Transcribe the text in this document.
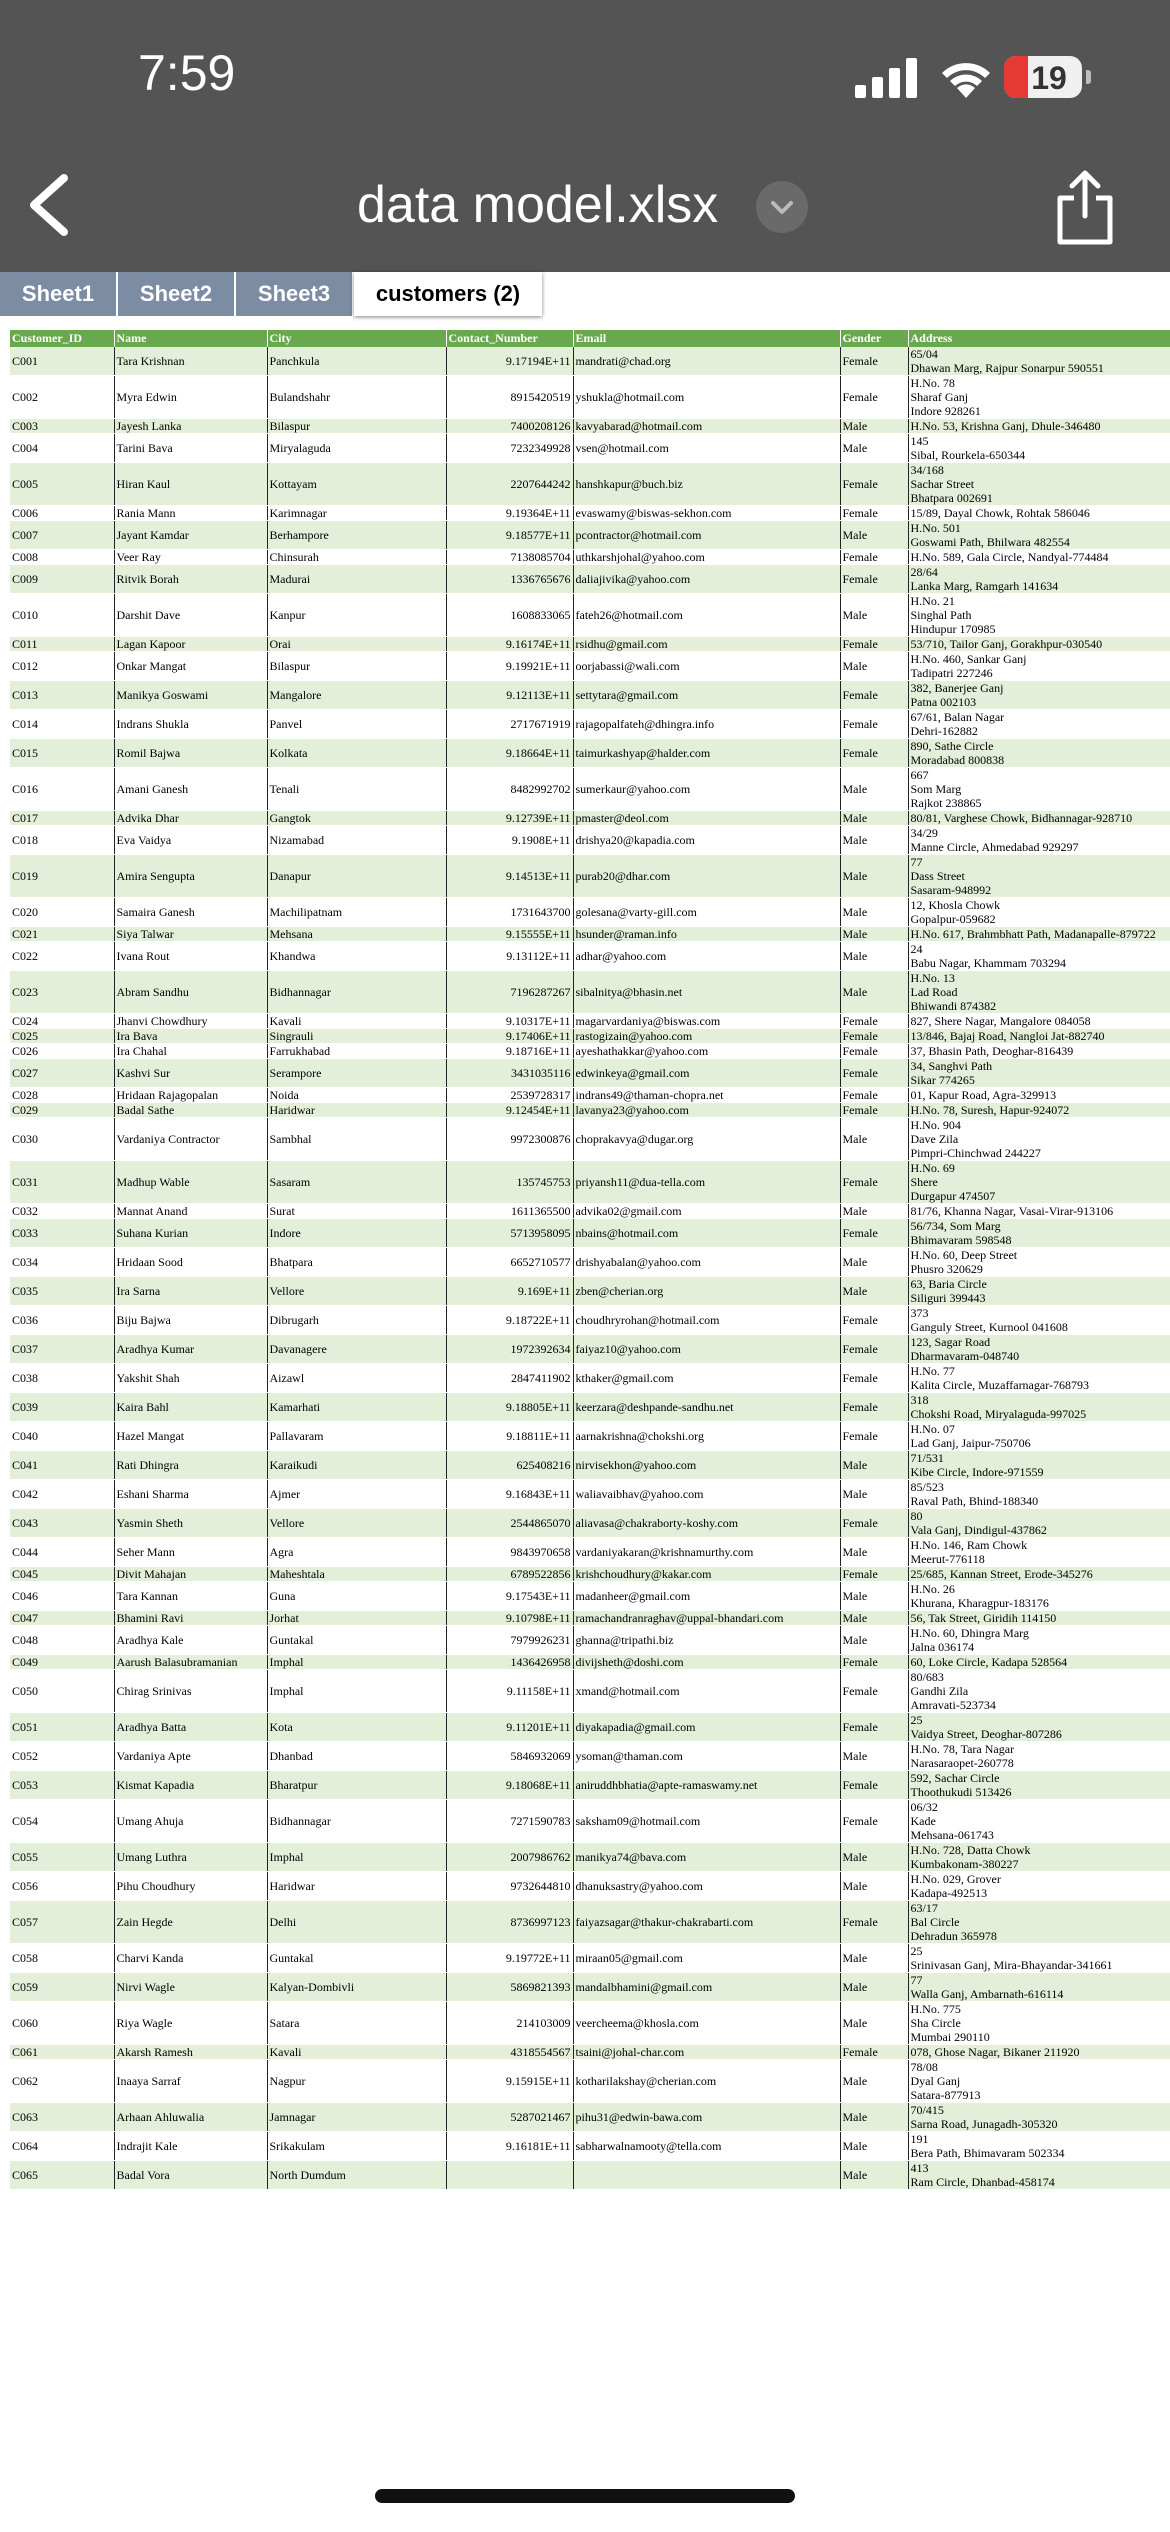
7:59	19
data model.xlsx
Sheet1	Sheet2	Sheet3	customers (2)
Customer_ID	Name	City	Contact_Number	Email	Gender	Address
C001	Tara Krishnan	Panchkula	9.17194E+11	mandrati@chad.org	Female	65/04
Dhawan Marg, Rajpur Sonarpur 590551
C002	Myra Edwin	Bulandshahr	8915420519	yshukla@hotmail.com	Female	H.No. 78
Sharaf Ganj
Indore 928261
C003	Jayesh Lanka	Bilaspur	7400208126	kavyabarad@hotmail.com	Male	H.No. 53, Krishna Ganj, Dhule-346480
C004	Tarini Bava	Miryalaguda	7232349928	vsen@hotmail.com	Male	145
Sibal, Rourkela-650344
C005	Hiran Kaul	Kottayam	2207644242	hanshkapur@buch.biz	Female	34/168
Sachar Street
Bhatpara 002691
C006	Rania Mann	Karimnagar	9.19364E+11	evaswamy@biswas-sekhon.com	Female	15/89, Dayal Chowk, Rohtak 586046
C007	Jayant Kamdar	Berhampore	9.18577E+11	pcontractor@hotmail.com	Male	H.No. 501
Goswami Path, Bhilwara 482554
C008	Veer Ray	Chinsurah	7138085704	uthkarshjohal@yahoo.com	Female	H.No. 589, Gala Circle, Nandyal-774484
C009	Ritvik Borah	Madurai	1336765676	daliajivika@yahoo.com	Female	28/64
Lanka Marg, Ramgarh 141634
C010	Darshit Dave	Kanpur	1608833065	fateh26@hotmail.com	Male	H.No. 21
Singhal Path
Hindupur 170985
C011	Lagan Kapoor	Orai	9.16174E+11	rsidhu@gmail.com	Female	53/710, Tailor Ganj, Gorakhpur-030540
C012	Onkar Mangat	Bilaspur	9.19921E+11	oorjabassi@wali.com	Male	H.No. 460, Sankar Ganj
Tadipatri 227246
C013	Manikya Goswami	Mangalore	9.12113E+11	settytara@gmail.com	Female	382, Banerjee Ganj
Patna 002103
C014	Indrans Shukla	Panvel	2717671919	rajagopalfateh@dhingra.info	Female	67/61, Balan Nagar
Dehri-162882
C015	Romil Bajwa	Kolkata	9.18664E+11	taimurkashyap@halder.com	Female	890, Sathe Circle
Moradabad 800838
C016	Amani Ganesh	Tenali	8482992702	sumerkaur@yahoo.com	Male	667
Som Marg
Rajkot 238865
C017	Advika Dhar	Gangtok	9.12739E+11	pmaster@deol.com	Male	80/81, Varghese Chowk, Bidhannagar-928710
C018	Eva Vaidya	Nizamabad	9.1908E+11	drishya20@kapadia.com	Male	34/29
Manne Circle, Ahmedabad 929297
C019	Amira Sengupta	Danapur	9.14513E+11	purab20@dhar.com	Male	77
Dass Street
Sasaram-948992
C020	Samaira Ganesh	Machilipatnam	1731643700	golesana@varty-gill.com	Male	12, Khosla Chowk
Gopalpur-059682
C021	Siya Talwar	Mehsana	9.15555E+11	hsunder@raman.info	Male	H.No. 617, Brahmbhatt Path, Madanapalle-879722
C022	Ivana Rout	Khandwa	9.13112E+11	adhar@yahoo.com	Male	24
Babu Nagar, Khammam 703294
C023	Abram Sandhu	Bidhannagar	7196287267	sibalnitya@bhasin.net	Male	H.No. 13
Lad Road
Bhiwandi 874382
C024	Jhanvi Chowdhury	Kavali	9.10317E+11	magarvardaniya@biswas.com	Female	827, Shere Nagar, Mangalore 084058
C025	Ira Bava	Singrauli	9.17406E+11	rastogizain@yahoo.com	Female	13/846, Bajaj Road, Nangloi Jat-882740
C026	Ira Chahal	Farrukhabad	9.18716E+11	ayeshathakkar@yahoo.com	Female	37, Bhasin Path, Deoghar-816439
C027	Kashvi Sur	Serampore	3431035116	edwinkeya@gmail.com	Female	34, Sanghvi Path
Sikar 774265
C028	Hridaan Rajagopalan	Noida	2539728317	indrans49@thaman-chopra.net	Female	01, Kapur Road, Agra-329913
C029	Badal Sathe	Haridwar	9.12454E+11	lavanya23@yahoo.com	Female	H.No. 78, Suresh, Hapur-924072
C030	Vardaniya Contractor	Sambhal	9972300876	choprakavya@dugar.org	Male	H.No. 904
Dave Zila
Pimpri-Chinchwad 244227
C031	Madhup Wable	Sasaram	135745753	priyansh11@dua-tella.com	Female	H.No. 69
Shere
Durgapur 474507
C032	Mannat Anand	Surat	1611365500	advika02@gmail.com	Male	81/76, Khanna Nagar, Vasai-Virar-913106
C033	Suhana Kurian	Indore	5713958095	nbains@hotmail.com	Female	56/734, Som Marg
Bhimavaram 598548
C034	Hridaan Sood	Bhatpara	6652710577	drishyabalan@yahoo.com	Male	H.No. 60, Deep Street
Phusro 320629
C035	Ira Sarna	Vellore	9.169E+11	zben@cherian.org	Male	63, Baria Circle
Siliguri 399443
C036	Biju Bajwa	Dibrugarh	9.18722E+11	choudhryrohan@hotmail.com	Female	373
Ganguly Street, Kurnool 041608
C037	Aradhya Kumar	Davanagere	1972392634	faiyaz10@yahoo.com	Female	123, Sagar Road
Dharmavaram-048740
C038	Yakshit Shah	Aizawl	2847411902	kthaker@gmail.com	Female	H.No. 77
Kalita Circle, Muzaffarnagar-768793
C039	Kaira Bahl	Kamarhati	9.18805E+11	keerzara@deshpande-sandhu.net	Female	318
Chokshi Road, Miryalaguda-997025
C040	Hazel Mangat	Pallavaram	9.18811E+11	aarnakrishna@chokshi.org	Female	H.No. 07
Lad Ganj, Jaipur-750706
C041	Rati Dhingra	Karaikudi	625408216	nirvisekhon@yahoo.com	Male	71/531
Kibe Circle, Indore-971559
C042	Eshani Sharma	Ajmer	9.16843E+11	waliavaibhav@yahoo.com	Male	85/523
Raval Path, Bhind-188340
C043	Yasmin Sheth	Vellore	2544865070	aliavasa@chakraborty-koshy.com	Female	80
Vala Ganj, Dindigul-437862
C044	Seher Mann	Agra	9843970658	vardaniyakaran@krishnamurthy.com	Male	H.No. 146, Ram Chowk
Meerut-776118
C045	Divit Mahajan	Maheshtala	6789522856	krishchoudhury@kakar.com	Female	25/685, Kannan Street, Erode-345276
C046	Tara Kannan	Guna	9.17543E+11	madanheer@gmail.com	Male	H.No. 26
Khurana, Kharagpur-183176
C047	Bhamini Ravi	Jorhat	9.10798E+11	ramachandranraghav@uppal-bhandari.com	Male	56, Tak Street, Giridih 114150
C048	Aradhya Kale	Guntakal	7979926231	ghanna@tripathi.biz	Male	H.No. 60, Dhingra Marg
Jalna 036174
C049	Aarush Balasubramanian	Imphal	1436426958	divijsheth@doshi.com	Female	60, Loke Circle, Kadapa 528564
C050	Chirag Srinivas	Imphal	9.11158E+11	xmand@hotmail.com	Female	80/683
Gandhi Zila
Amravati-523734
C051	Aradhya Batta	Kota	9.11201E+11	diyakapadia@gmail.com	Female	25
Vaidya Street, Deoghar-807286
C052	Vardaniya Apte	Dhanbad	5846932069	ysoman@thaman.com	Male	H.No. 78, Tara Nagar
Narasaraopet-260778
C053	Kismat Kapadia	Bharatpur	9.18068E+11	aniruddhbhatia@apte-ramaswamy.net	Female	592, Sachar Circle
Thoothukudi 513426
C054	Umang Ahuja	Bidhannagar	7271590783	saksham09@hotmail.com	Female	06/32
Kade
Mehsana-061743
C055	Umang Luthra	Imphal	2007986762	manikya74@bava.com	Male	H.No. 728, Datta Chowk
Kumbakonam-380227
C056	Pihu Choudhury	Haridwar	9732644810	dhanuksastry@yahoo.com	Male	H.No. 029, Grover
Kadapa-492513
C057	Zain Hegde	Delhi	8736997123	faiyazsagar@thakur-chakrabarti.com	Female	63/17
Bal Circle
Dehradun 365978
C058	Charvi Kanda	Guntakal	9.19772E+11	miraan05@gmail.com	Male	25
Srinivasan Ganj, Mira-Bhayandar-341661
C059	Nirvi Wagle	Kalyan-Dombivli	5869821393	mandalbhamini@gmail.com	Male	77
Walla Ganj, Ambarnath-616114
C060	Riya Wagle	Satara	214103009	veercheema@khosla.com	Male	H.No. 775
Sha Circle
Mumbai 290110
C061	Akarsh Ramesh	Kavali	4318554567	tsaini@johal-char.com	Female	078, Ghose Nagar, Bikaner 211920
C062	Inaaya Sarraf	Nagpur	9.15915E+11	kotharilakshay@cherian.com	Male	78/08
Dyal Ganj
Satara-877913
C063	Arhaan Ahluwalia	Jamnagar	5287021467	pihu31@edwin-bawa.com	Male	70/415
Sarna Road, Junagadh-305320
C064	Indrajit Kale	Srikakulam	9.16181E+11	sabharwalnamooty@tella.com	Male	191
Bera Path, Bhimavaram 502334
C065	Badal Vora	North Dumdum			Male	413
Ram Circle, Dhanbad-458174
